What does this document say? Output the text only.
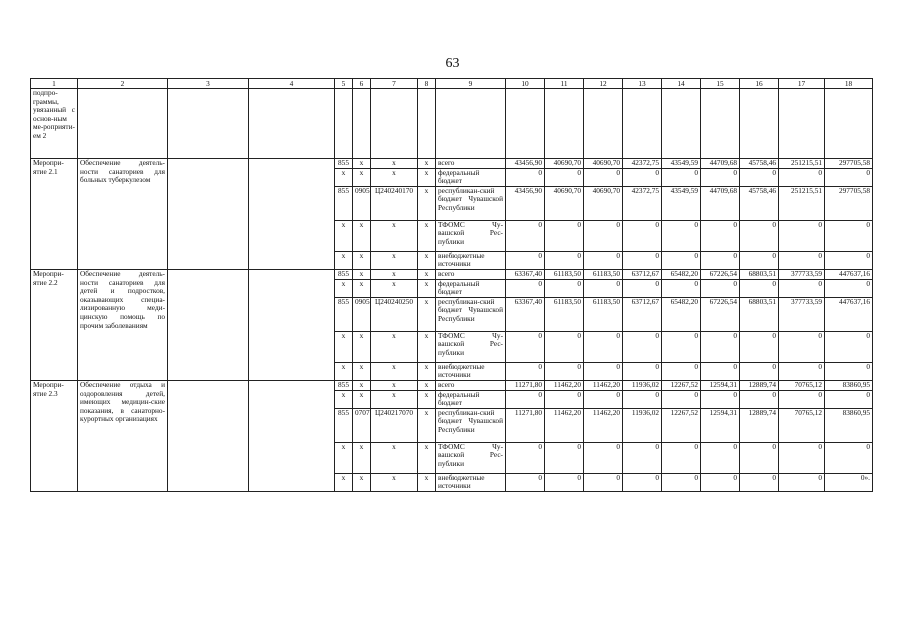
63
1	2	3	4	5	6	7	8	9	10	11	12	13	14	15	16	17	18
подпро-граммы, увязанный с основ-ным ме-роприяти-ем 2																	
Меропри-ятие 2.1	Обеспечение деятель-ности санаториев для больных туберкулезом			855	х	х	х	всего	43456,90	40690,70	40690,70	42372,75	43549,59	44709,68	45758,46	251215,51	297705,58
				х	х	х	х	федеральный бюджет	0	0	0	0	0	0	0	0	0
				855	0905	Ц240240170	х	республикан-ский бюджет Чувашской Республики	43456,90	40690,70	40690,70	42372,75	43549,59	44709,68	45758,46	251215,51	297705,58
				х	х	х	х	ТФОМС Чу-вашской Рес-публики	0	0	0	0	0	0	0	0	0
				х	х	х	х	внебюджетные источники	0	0	0	0	0	0	0	0	0
Меропри-ятие 2.2	Обеспечение деятель-ности санаториев для детей и подростков, оказывающих специа-лизированную меди-цинскую помощь по прочим заболеваниям			855	х	х	х	всего	63367,40	61183,50	61183,50	63712,67	65482,20	67226,54	68803,51	377733,59	447637,16
				х	х	х	х	федеральный бюджет	0	0	0	0	0	0	0	0	0
				855	0905	Ц240240250	х	республикан-ский бюджет Чувашской Республики	63367,40	61183,50	61183,50	63712,67	65482,20	67226,54	68803,51	377733,59	447637,16
				х	х	х	х	ТФОМС Чу-вашской Рес-публики	0	0	0	0	0	0	0	0	0
				х	х	х	х	внебюджетные источники	0	0	0	0	0	0	0	0	0
Меропри-ятие 2.3	Обеспечение отдыха и оздоровления детей, имеющих медицин-ские показания, в санаторно-курортных организациях			855	х	х	х	всего	11271,80	11462,20	11462,20	11936,02	12267,52	12594,31	12889,74	70765,12	83860,95
				х	х	х	х	федеральный бюджет	0	0	0	0	0	0	0	0	0
				855	0707	Ц240217070	х	республикан-ский бюджет Чувашской Республики	11271,80	11462,20	11462,20	11936,02	12267,52	12594,31	12889,74	70765,12	83860,95
				х	х	х	х	ТФОМС Чу-вашской Рес-публики	0	0	0	0	0	0	0	0	0
				х	х	х	х	внебюджетные источники	0	0	0	0	0	0	0	0	0».
